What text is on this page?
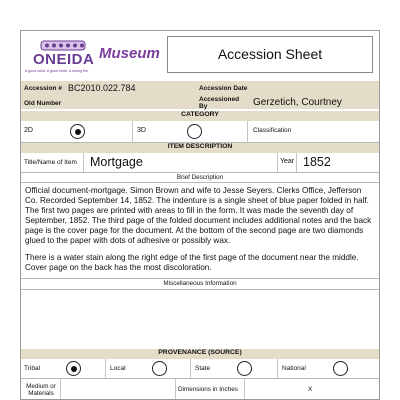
ONEIDA
A good mind. A good heart. A strong fire.
Museum	Accession Sheet
Accession # BC2010.022.784	Accession Date
Old Number
Accessioned
By	Gerzetich, Courtney
CATEGORY
2D	3D	Classification
ITEM DESCRIPTION
Title/Name of Item Mortgage	Year 1852
Brief Description
Official document-mortgage. Simon Brown and wife to Jesse Seyers. Clerks Office, Jefferson Co. Recorded September 14, 1852. The indenture is a single sheet of blue paper folded in half. The first two pages are printed with areas to fill in the form. It was made the seventh day of September, 1852. The third page of the folded document includes additional notes and the back page is the cover page for the document. At the bottom of the second page are two diamonds glued to the paper with dots of adhesive or possibly wax.
There is a water stain along the right edge of the first page of the document near the middle. Cover page on the back has the most discoloration.
Miscellaneous Information
PROVENANCE (SOURCE)
Tribal	Local	State	National
Medium or
Materials
Dimensions in Inches	X
